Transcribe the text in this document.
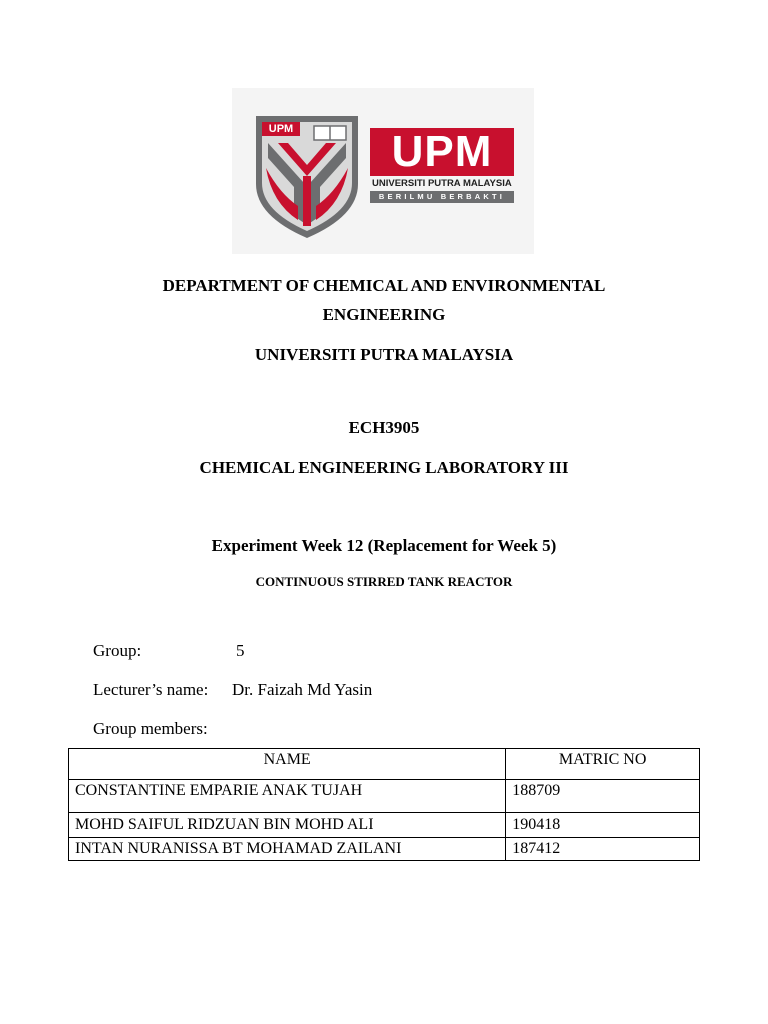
UPM	UPM
UNIVERSITI PUTRA MALAYSIA
BERILMU BERBAKTI
DEPARTMENT OF CHEMICAL AND ENVIRONMENTAL
ENGINEERING
UNIVERSITI PUTRA MALAYSIA
ECH3905
CHEMICAL ENGINEERING LABORATORY III
Experiment Week 12 (Replacement for Week 5)
CONTINUOUS STIRRED TANK REACTOR
Group:	5
Lecturer’s name: Dr. Faizah Md Yasin
Group members:
NAME	MATRIC NO
CONSTANTINE EMPARIE ANAK TUJAH	188709
MOHD SAIFUL RIDZUAN BIN MOHD ALI	190418
INTAN NURANISSA BT MOHAMAD ZAILANI	187412
